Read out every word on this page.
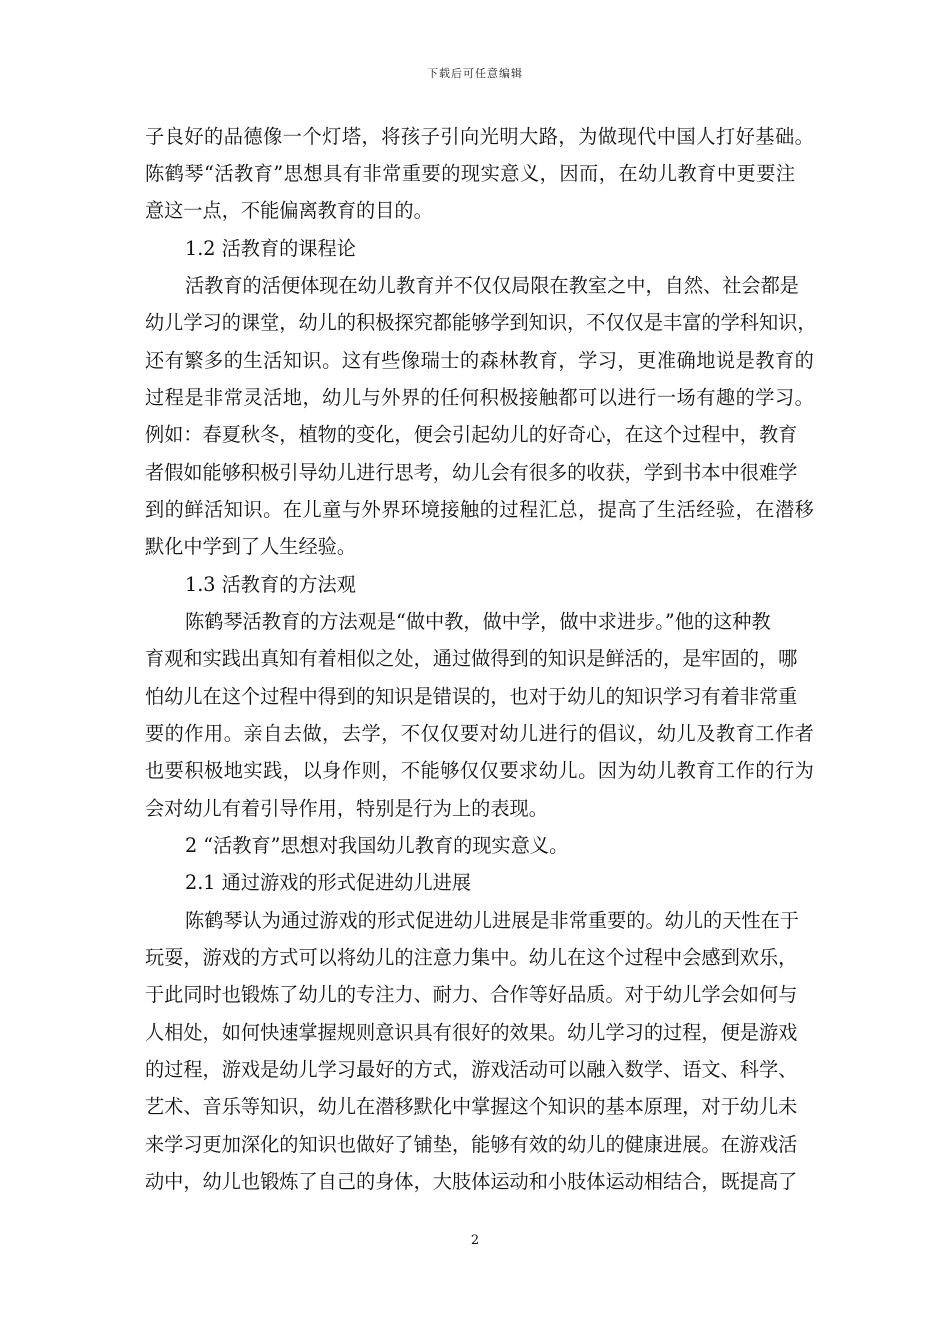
下载后可任意编辑
子良好的品德像一个灯塔，将孩子引向光明大路，为做现代中国人打好基础。
陈鹤琴“活教育”思想具有非常重要的现实意义，因而，在幼儿教育中更要注
意这一点，不能偏离教育的目的。
1.2 活教育的课程论
活教育的活便体现在幼儿教育并不仅仅局限在教室之中，自然、社会都是
幼儿学习的课堂，幼儿的积极探究都能够学到知识，不仅仅是丰富的学科知识，
还有繁多的生活知识。这有些像瑞士的森林教育，学习，更准确地说是教育的
过程是非常灵活地，幼儿与外界的任何积极接触都可以进行一场有趣的学习。
例如：春夏秋冬，植物的变化，便会引起幼儿的好奇心，在这个过程中，教育
者假如能够积极引导幼儿进行思考，幼儿会有很多的收获，学到书本中很难学
到的鲜活知识。在儿童与外界环境接触的过程汇总，提高了生活经验，在潜移
默化中学到了人生经验。
1.3 活教育的方法观
陈鹤琴活教育的方法观是“做中教，做中学，做中求进步。”他的这种教
育观和实践出真知有着相似之处，通过做得到的知识是鲜活的，是牢固的，哪
怕幼儿在这个过程中得到的知识是错误的，也对于幼儿的知识学习有着非常重
要的作用。亲自去做，去学，不仅仅要对幼儿进行的倡议，幼儿及教育工作者
也要积极地实践，以身作则，不能够仅仅要求幼儿。因为幼儿教育工作的行为
会对幼儿有着引导作用，特别是行为上的表现。
2 “活教育”思想对我国幼儿教育的现实意义。
2.1 通过游戏的形式促进幼儿进展
陈鹤琴认为通过游戏的形式促进幼儿进展是非常重要的。幼儿的天性在于
玩耍，游戏的方式可以将幼儿的注意力集中。幼儿在这个过程中会感到欢乐，
于此同时也锻炼了幼儿的专注力、耐力、合作等好品质。对于幼儿学会如何与
人相处，如何快速掌握规则意识具有很好的效果。幼儿学习的过程，便是游戏
的过程，游戏是幼儿学习最好的方式，游戏活动可以融入数学、语文、科学、
艺术、音乐等知识，幼儿在潜移默化中掌握这个知识的基本原理，对于幼儿未
来学习更加深化的知识也做好了铺垫，能够有效的幼儿的健康进展。在游戏活
动中，幼儿也锻炼了自己的身体，大肢体运动和小肢体运动相结合，既提高了
2
